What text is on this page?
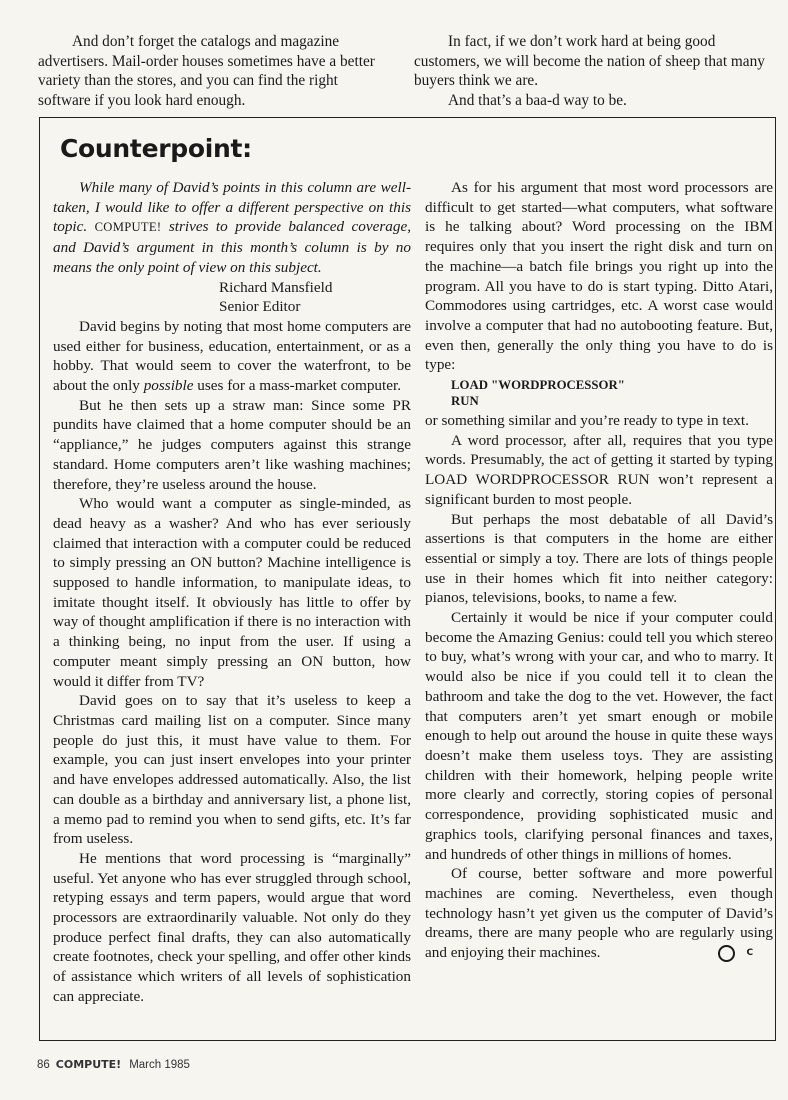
And don’t forget the catalogs and magazine advertisers. Mail-order houses sometimes have a better variety than the stores, and you can find the right software if you look hard enough.

In fact, if we don’t work hard at being good customers, we will become the nation of sheep that many buyers think we are.

And that’s a baa-d way to be.

Counterpoint:

While many of David’s points in this column are well-taken, I would like to offer a different perspective on this topic. COMPUTE! strives to provide balanced coverage, and David’s argument in this month’s column is by no means the only point of view on this subject.

Richard Mansfield
Senior Editor

David begins by noting that most home computers are used either for business, education, entertainment, or as a hobby. That would seem to cover the waterfront, to be about the only possible uses for a mass-market computer.

But he then sets up a straw man: Since some PR pundits have claimed that a home computer should be an “appliance,” he judges computers against this strange standard. Home computers aren’t like washing machines; therefore, they’re useless around the house.

Who would want a computer as single-minded, as dead heavy as a washer? And who has ever seriously claimed that interaction with a computer could be reduced to simply pressing an ON button? Machine intelligence is supposed to handle information, to manipulate ideas, to imitate thought itself. It obviously has little to offer by way of thought amplification if there is no interaction with a thinking being, no input from the user. If using a computer meant simply pressing an ON button, how would it differ from TV?

David goes on to say that it’s useless to keep a Christmas card mailing list on a computer. Since many people do just this, it must have value to them. For example, you can just insert envelopes into your printer and have envelopes addressed automatically. Also, the list can double as a birthday and anniversary list, a phone list, a memo pad to remind you when to send gifts, etc. It’s far from useless.

He mentions that word processing is “marginally” useful. Yet anyone who has ever struggled through school, retyping essays and term papers, would argue that word processors are extraordinarily valuable. Not only do they produce perfect final drafts, they can also automatically create footnotes, check your spelling, and offer other kinds of assistance which writers of all levels of sophistication can appreciate.

As for his argument that most word processors are difficult to get started—what computers, what software is he talking about? Word processing on the IBM requires only that you insert the right disk and turn on the machine—a batch file brings you right up into the program. All you have to do is start typing. Ditto Atari, Commodores using cartridges, etc. A worst case would involve a computer that had no autobooting feature. But, even then, generally the only thing you have to do is type:

LOAD "WORDPROCESSOR"
RUN

or something similar and you’re ready to type in text.

A word processor, after all, requires that you type words. Presumably, the act of getting it started by typing LOAD WORDPROCESSOR RUN won’t represent a significant burden to most people.

But perhaps the most debatable of all David’s assertions is that computers in the home are either essential or simply a toy. There are lots of things people use in their homes which fit into neither category: pianos, televisions, books, to name a few.

Certainly it would be nice if your computer could become the Amazing Genius: could tell you which stereo to buy, what’s wrong with your car, and who to marry. It would also be nice if you could tell it to clean the bathroom and take the dog to the vet. However, the fact that computers aren’t yet smart enough or mobile enough to help out around the house in quite these ways doesn’t make them useless toys. They are assisting children with their homework, helping people write more clearly and correctly, storing copies of personal correspondence, providing sophisticated music and graphics tools, clarifying personal finances and taxes, and hundreds of other things in millions of homes.

Of course, better software and more powerful machines are coming. Nevertheless, even though technology hasn’t yet given us the computer of David’s dreams, there are many people who are regularly using and enjoying their machines.	C

86 COMPUTE! March 1985
